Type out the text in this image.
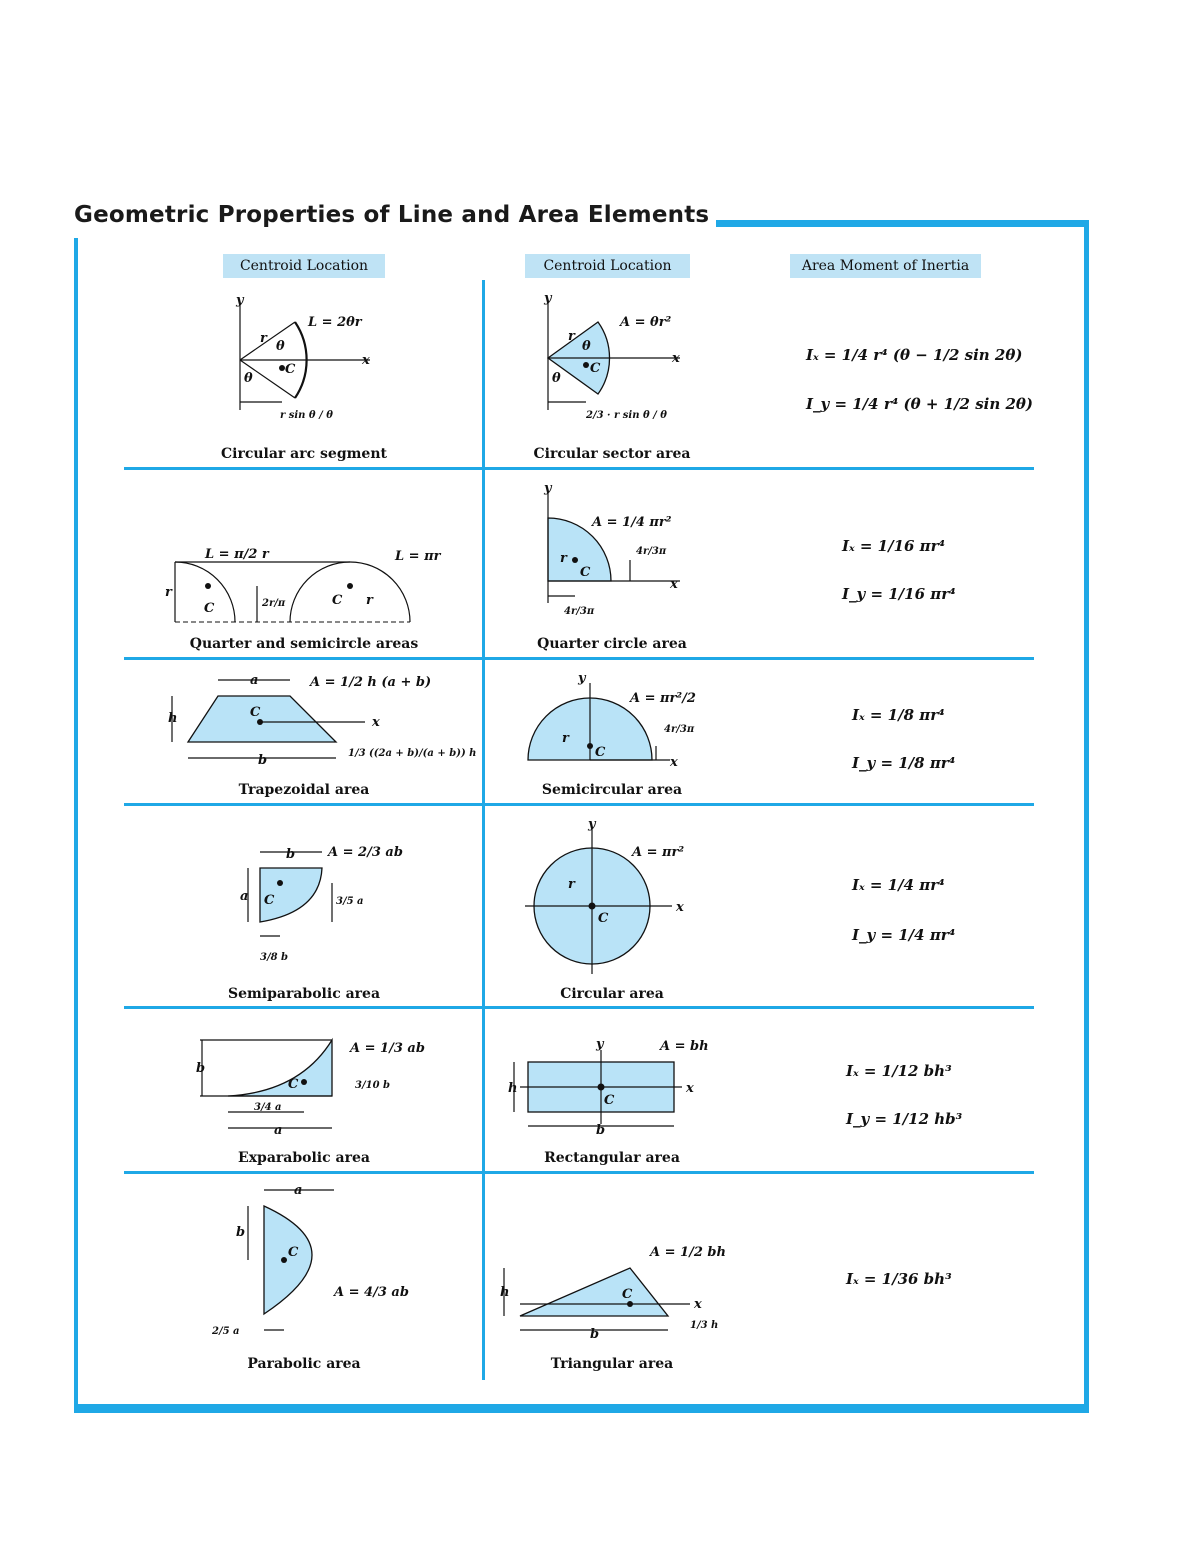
Geometric Properties of Line and Area Elements
Centroid Location	Centroid Location	Area Moment of Inertia
y
x
C
r
θ
θ
L = 2θr
r sin θ / θ
Circular arc segment
y
x
C
r
θ
θ
A = θr²
2/3 · r sin θ / θ
Circular sector area
Iₓ = 1/4 r⁴ (θ − 1/2 sin 2θ)
I_y = 1/4 r⁴ (θ + 1/2 sin 2θ)
r
C
C r
L = π/2 r	L = πr
2r/π
Quarter and semicircle areas
y
x
C
r
A = 1/4 πr²
4r/3π
4r/3π
Quarter circle area
Iₓ = 1/16 πr⁴
I_y = 1/16 πr⁴
a
b
h	C
x
A = 1/2 h (a + b)
1/3 ((2a + b)/(a + b)) h
Trapezoidal area
y
x
C
r
A = πr²/2
4r/3π
Semicircular area
Iₓ = 1/8 πr⁴
I_y = 1/8 πr⁴
b
a C
A = 2/3 ab
3/5 a
3/8 b
Semiparabolic area
y
x
C
r
A = πr²
Circular area
Iₓ = 1/4 πr⁴
I_y = 1/4 πr⁴
b
C
a
A = 1/3 ab
3/10 b
3/4 a
Exparabolic area
y
x
C
h
b
A = bh
Rectangular area
Iₓ = 1/12 bh³
I_y = 1/12 hb³
a
b
C
A = 4/3 ab
2/5 a
Parabolic area
h	C
b
x
A = 1/2 bh
1/3 h
Triangular area
Iₓ = 1/36 bh³
